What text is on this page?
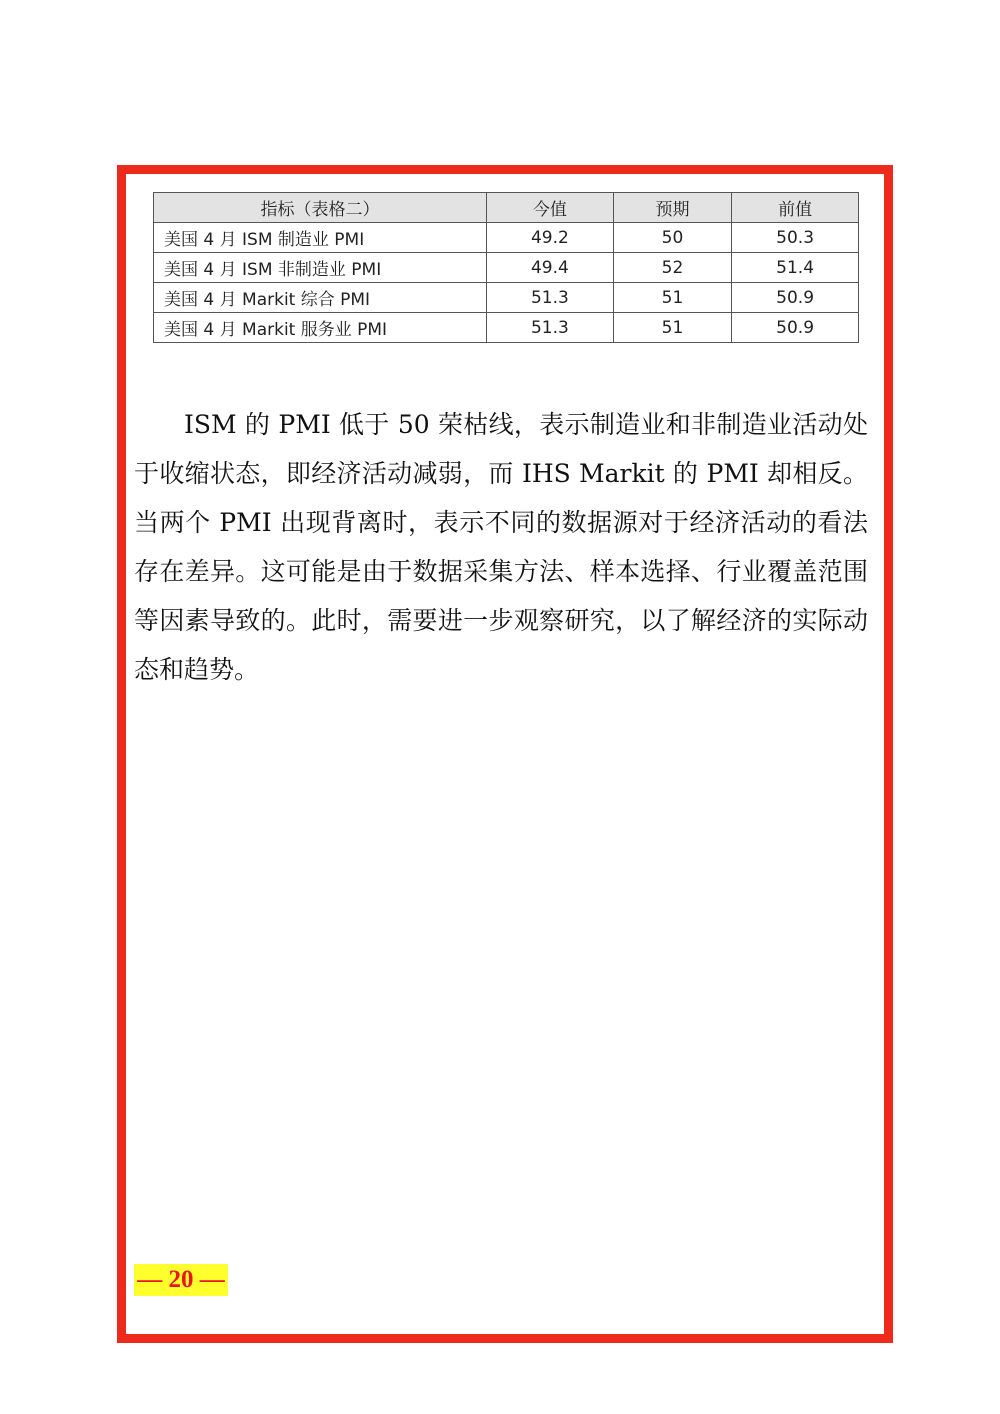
指标（表格二）	今值	预期	前值
美国 4 月 ISM 制造业 PMI	49.2	50	50.3
美国 4 月 ISM 非制造业 PMI	49.4	52	51.4
美国 4 月 Markit 综合 PMI	51.3	51	50.9
美国 4 月 Markit 服务业 PMI	51.3	51	50.9

ISM 的 PMI 低于 50 荣枯线，表示制造业和非制造业活动处于收缩状态，即经济活动减弱，而 IHS Markit 的 PMI 却相反。当两个 PMI 出现背离时，表示不同的数据源对于经济活动的看法存在差异。这可能是由于数据采集方法、样本选择、行业覆盖范围等因素导致的。此时，需要进一步观察研究，以了解经济的实际动态和趋势。

— 20 —
